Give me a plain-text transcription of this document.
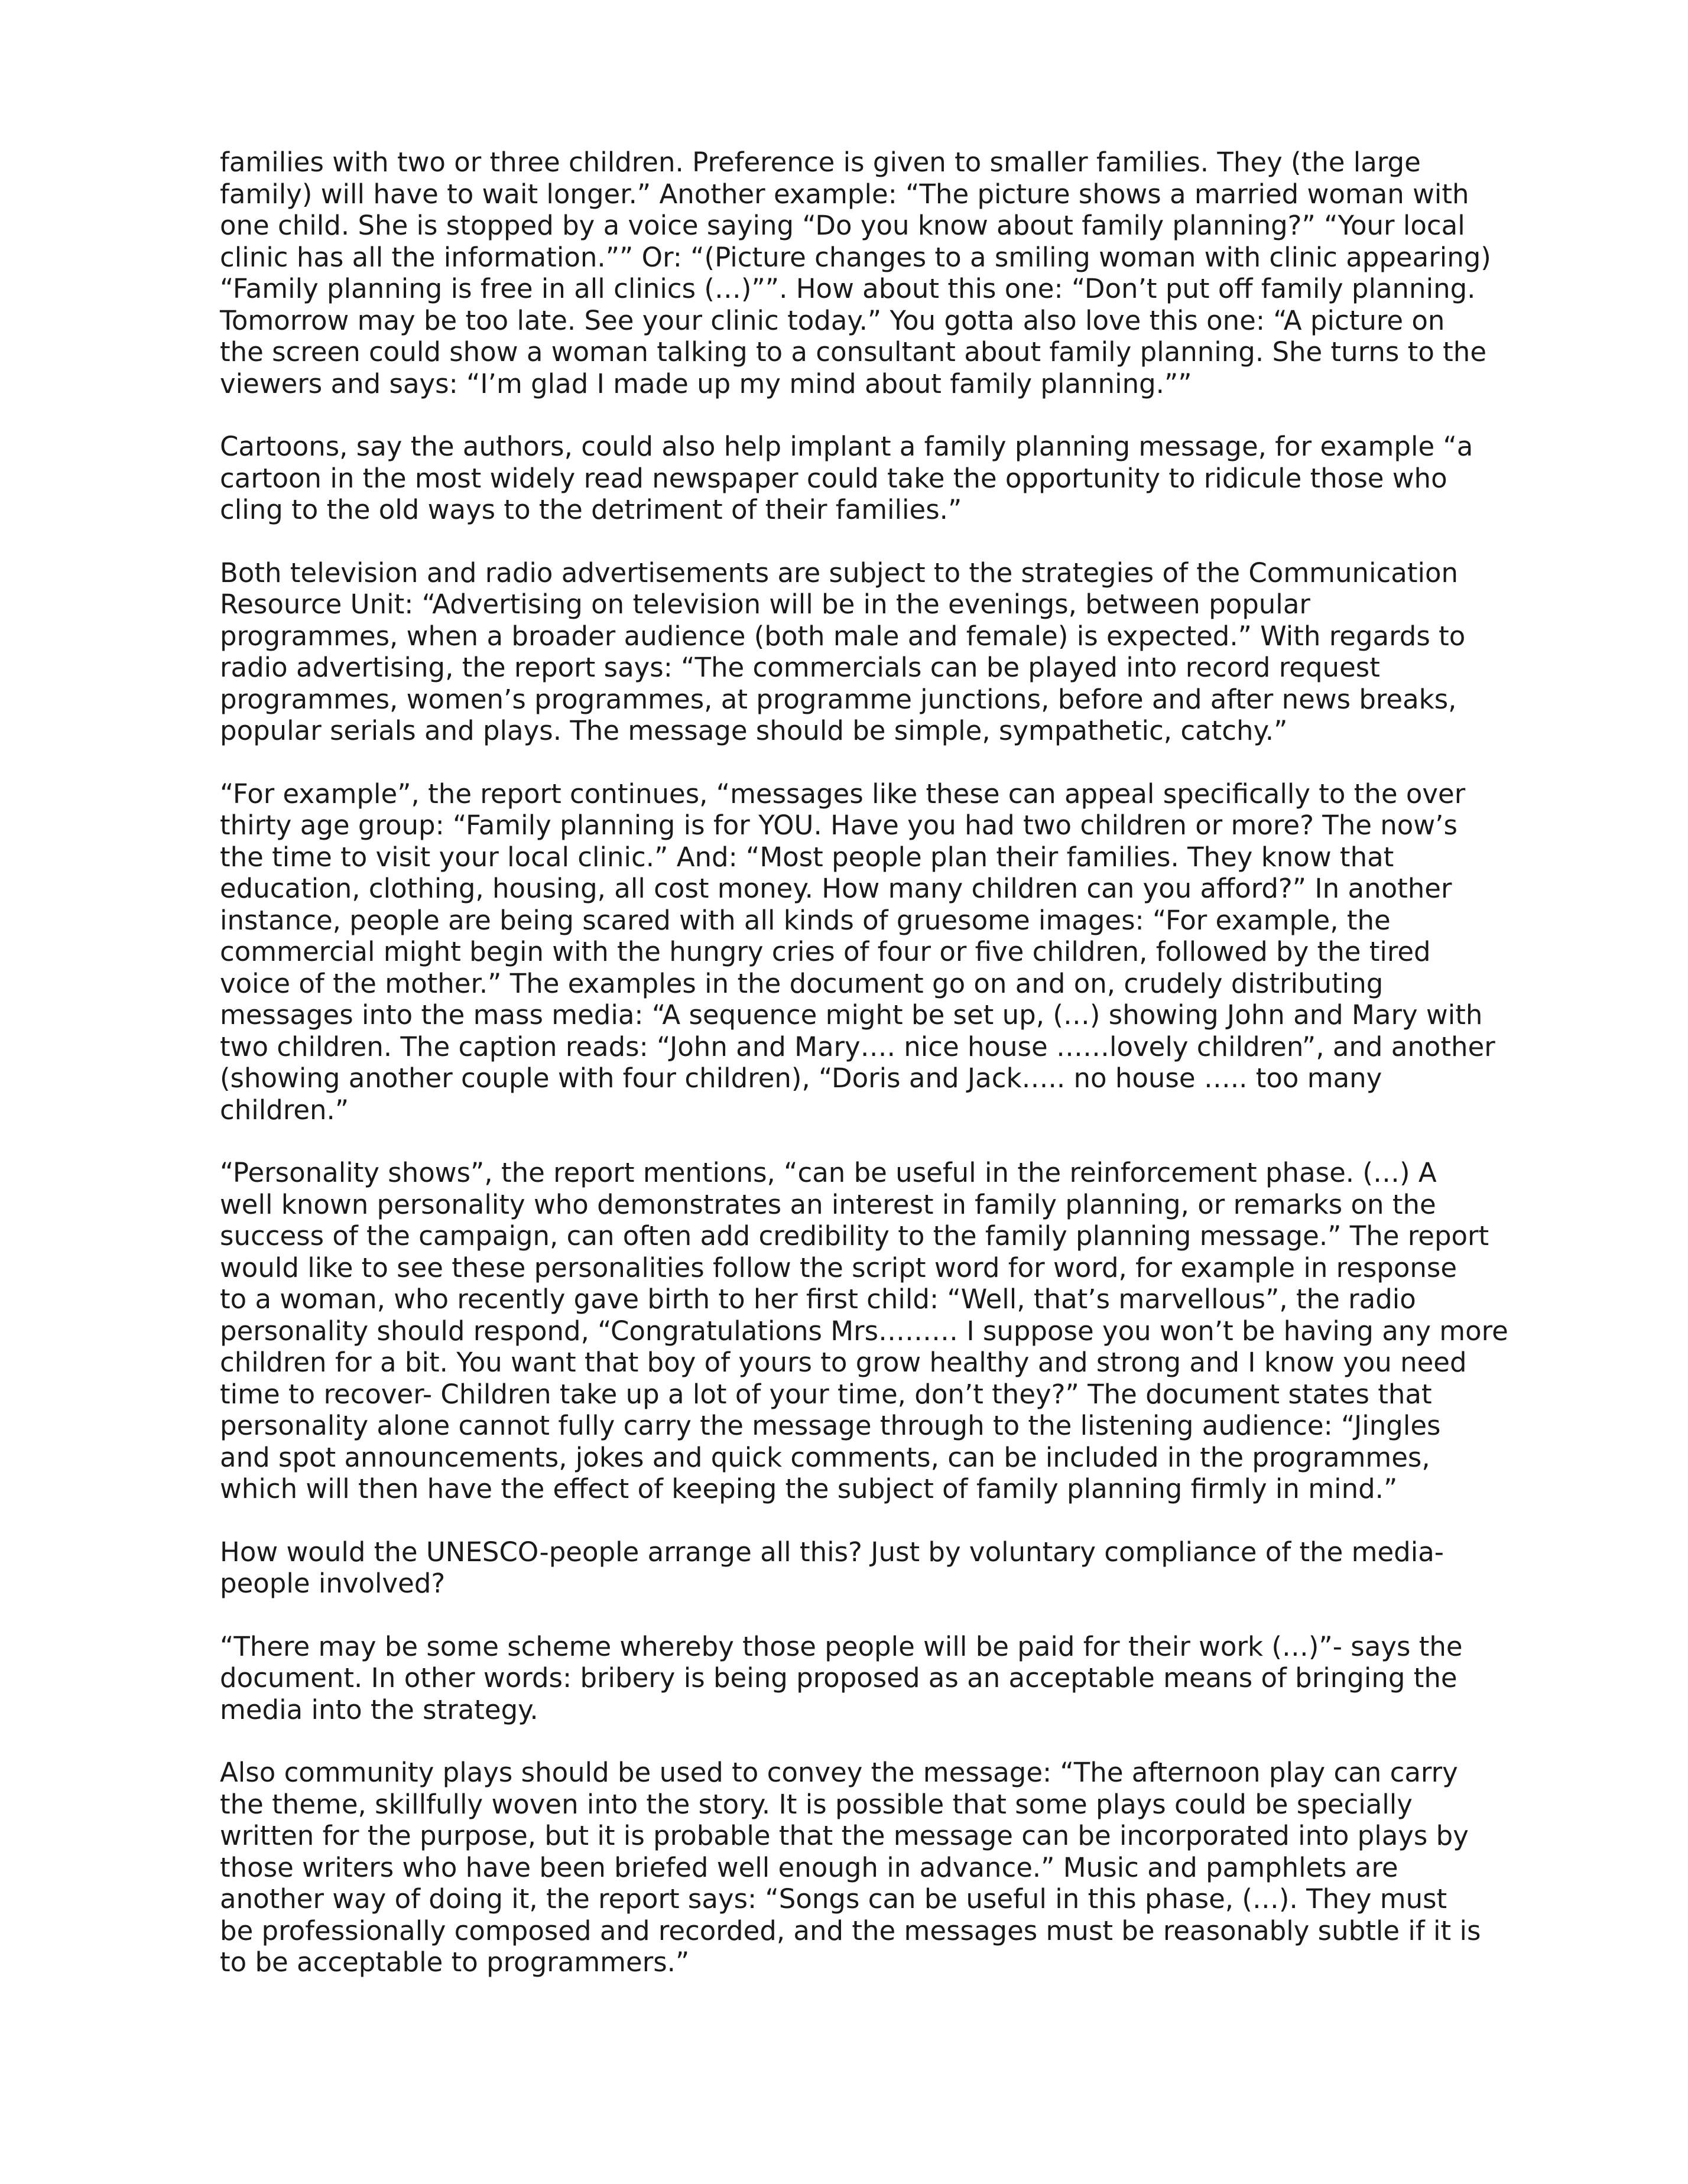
families with two or three children. Preference is given to smaller families. They (the large
family) will have to wait longer.” Another example: “The picture shows a married woman with
one child. She is stopped by a voice saying “Do you know about family planning?” “Your local
clinic has all the information.”” Or: “(Picture changes to a smiling woman with clinic appearing)
“Family planning is free in all clinics (…)””. How about this one: “Don’t put off family planning.
Tomorrow may be too late. See your clinic today.” You gotta also love this one: “A picture on
the screen could show a woman talking to a consultant about family planning. She turns to the
viewers and says: “I’m glad I made up my mind about family planning.””

Cartoons, say the authors, could also help implant a family planning message, for example “a
cartoon in the most widely read newspaper could take the opportunity to ridicule those who
cling to the old ways to the detriment of their families.”

Both television and radio advertisements are subject to the strategies of the Communication
Resource Unit: “Advertising on television will be in the evenings, between popular
programmes, when a broader audience (both male and female) is expected.” With regards to
radio advertising, the report says: “The commercials can be played into record request
programmes, women’s programmes, at programme junctions, before and after news breaks,
popular serials and plays. The message should be simple, sympathetic, catchy.”

“For example”, the report continues, “messages like these can appeal specifically to the over
thirty age group: “Family planning is for YOU. Have you had two children or more? The now’s
the time to visit your local clinic.” And: “Most people plan their families. They know that
education, clothing, housing, all cost money. How many children can you afford?” In another
instance, people are being scared with all kinds of gruesome images: “For example, the
commercial might begin with the hungry cries of four or five children, followed by the tired
voice of the mother.” The examples in the document go on and on, crudely distributing
messages into the mass media: “A sequence might be set up, (…) showing John and Mary with
two children. The caption reads: “John and Mary…. nice house ……lovely children”, and another
(showing another couple with four children), “Doris and Jack….. no house ….. too many
children.”

“Personality shows”, the report mentions, “can be useful in the reinforcement phase. (…) A
well known personality who demonstrates an interest in family planning, or remarks on the
success of the campaign, can often add credibility to the family planning message.” The report
would like to see these personalities follow the script word for word, for example in response
to a woman, who recently gave birth to her first child: “Well, that’s marvellous”, the radio
personality should respond, “Congratulations Mrs……… I suppose you won’t be having any more
children for a bit. You want that boy of yours to grow healthy and strong and I know you need
time to recover- Children take up a lot of your time, don’t they?” The document states that
personality alone cannot fully carry the message through to the listening audience: “Jingles
and spot announcements, jokes and quick comments, can be included in the programmes,
which will then have the effect of keeping the subject of family planning firmly in mind.”

How would the UNESCO-people arrange all this? Just by voluntary compliance of the media-
people involved?

“There may be some scheme whereby those people will be paid for their work (…)”- says the
document. In other words: bribery is being proposed as an acceptable means of bringing the
media into the strategy.

Also community plays should be used to convey the message: “The afternoon play can carry
the theme, skillfully woven into the story. It is possible that some plays could be specially
written for the purpose, but it is probable that the message can be incorporated into plays by
those writers who have been briefed well enough in advance.” Music and pamphlets are
another way of doing it, the report says: “Songs can be useful in this phase, (…). They must
be professionally composed and recorded, and the messages must be reasonably subtle if it is
to be acceptable to programmers.”
